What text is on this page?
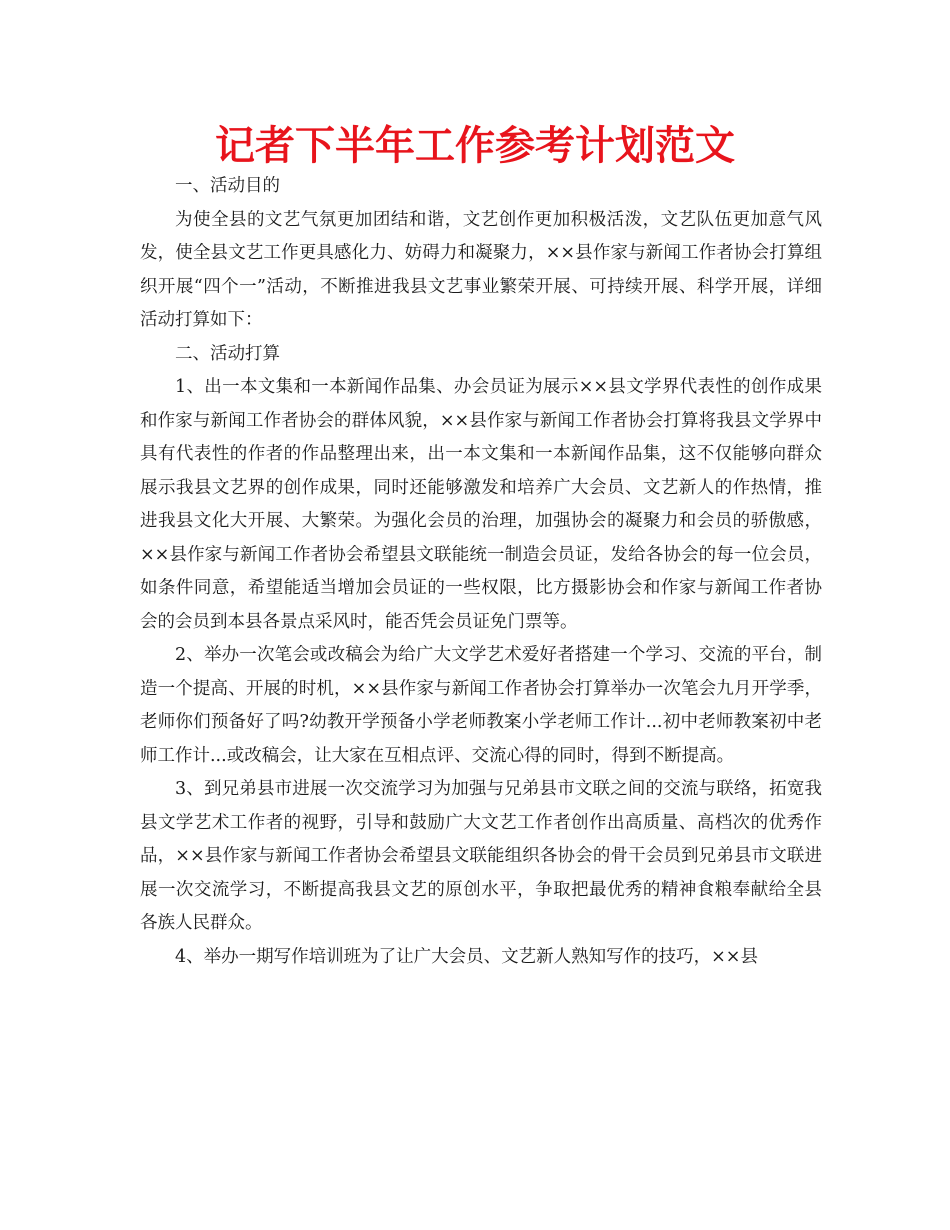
记者下半年工作参考计划范文

一、活动目的

为使全县的文艺气氛更加团结和谐，文艺创作更加积极活泼，文艺队伍更加意气风发，使全县文艺工作更具感化力、妨碍力和凝聚力，××县作家与新闻工作者协会打算组织开展“四个一”活动，不断推进我县文艺事业繁荣开展、可持续开展、科学开展，详细活动打算如下：

二、活动打算

1、出一本文集和一本新闻作品集、办会员证为展示××县文学界代表性的创作成果和作家与新闻工作者协会的群体风貌，××县作家与新闻工作者协会打算将我县文学界中具有代表性的作者的作品整理出来，出一本文集和一本新闻作品集，这不仅能够向群众展示我县文艺界的创作成果，同时还能够激发和培养广大会员、文艺新人的作热情，推进我县文化大开展、大繁荣。为强化会员的治理，加强协会的凝聚力和会员的骄傲感，××县作家与新闻工作者协会希望县文联能统一制造会员证，发给各协会的每一位会员，如条件同意，希望能适当增加会员证的一些权限，比方摄影协会和作家与新闻工作者协会的会员到本县各景点采风时，能否凭会员证免门票等。

2、举办一次笔会或改稿会为给广大文学艺术爱好者搭建一个学习、交流的平台，制造一个提高、开展的时机，××县作家与新闻工作者协会打算举办一次笔会九月开学季，老师你们预备好了吗?幼教开学预备小学老师教案小学老师工作计...初中老师教案初中老师工作计...或改稿会，让大家在互相点评、交流心得的同时，得到不断提高。

3、到兄弟县市进展一次交流学习为加强与兄弟县市文联之间的交流与联络，拓宽我县文学艺术工作者的视野，引导和鼓励广大文艺工作者创作出高质量、高档次的优秀作品，××县作家与新闻工作者协会希望县文联能组织各协会的骨干会员到兄弟县市文联进展一次交流学习，不断提高我县文艺的原创水平，争取把最优秀的精神食粮奉献给全县各族人民群众。

4、举办一期写作培训班为了让广大会员、文艺新人熟知写作的技巧，××县
